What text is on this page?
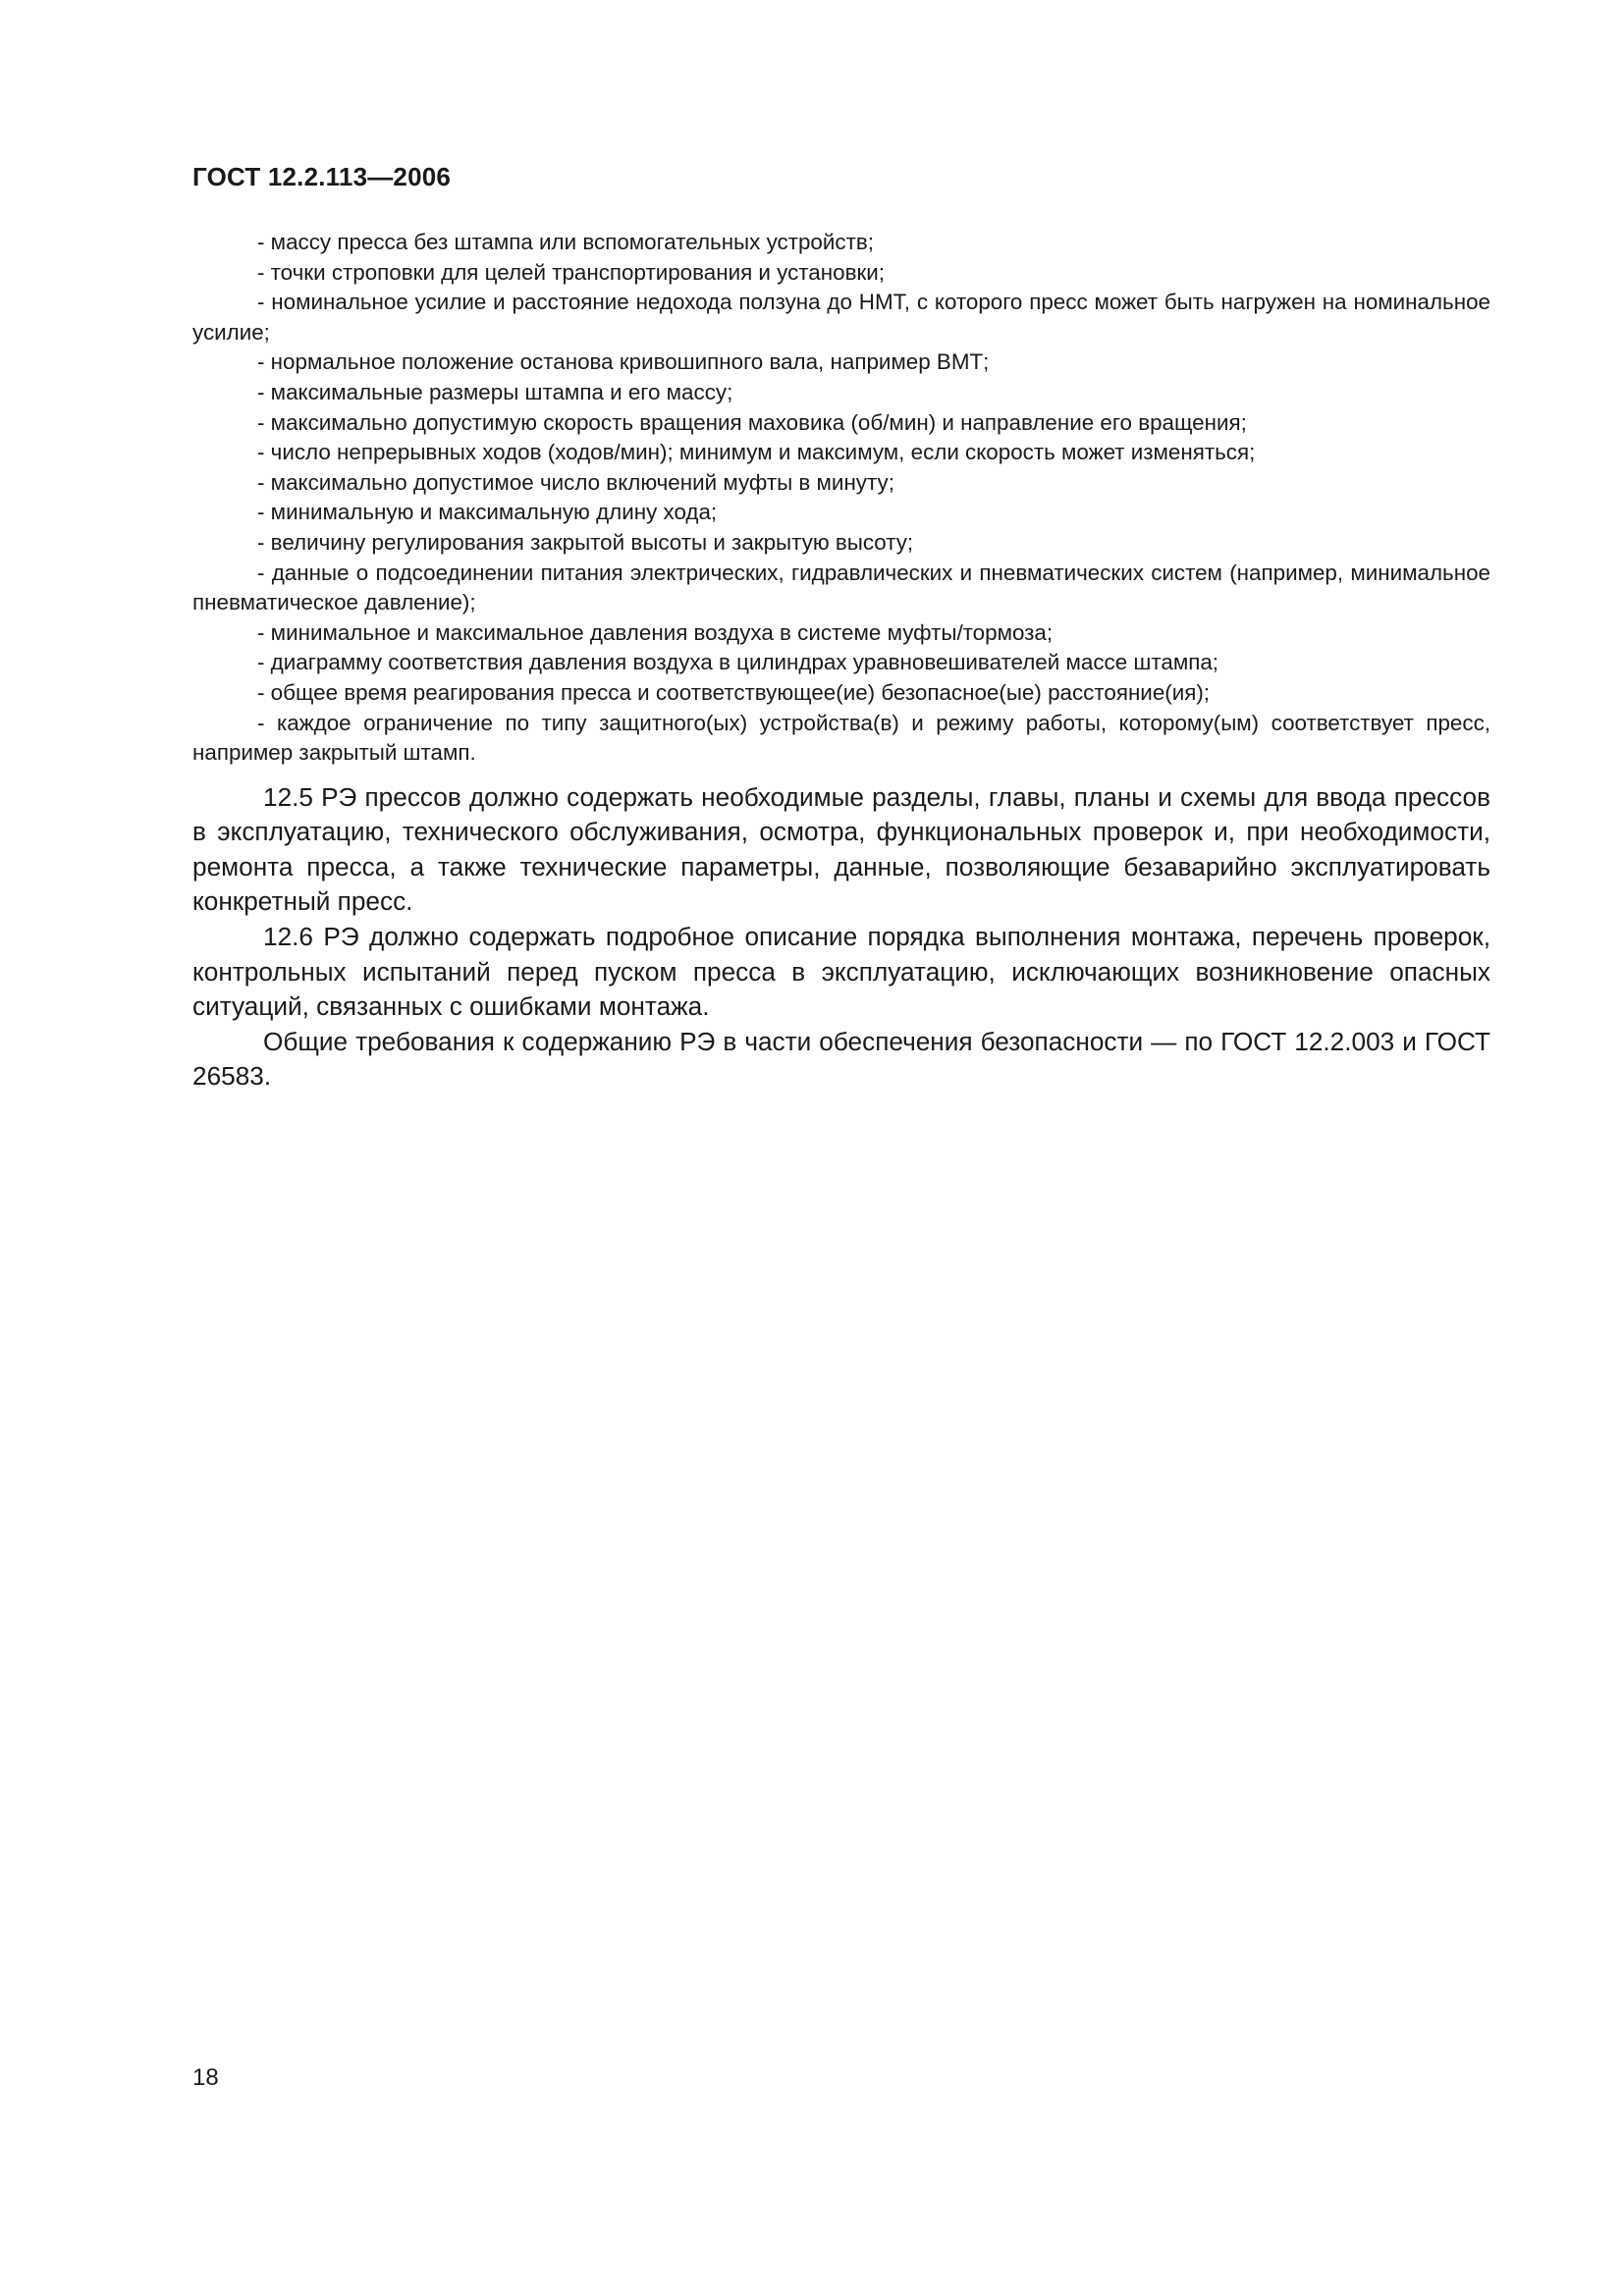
ГОСТ 12.2.113—2006
- массу пресса без штампа или вспомогательных устройств;
- точки строповки для целей транспортирования и установки;
- номинальное усилие и расстояние недохода ползуна до НМТ, с которого пресс может быть нагружен на номинальное усилие;
- нормальное положение останова кривошипного вала, например ВМТ;
- максимальные размеры штампа и его массу;
- максимально допустимую скорость вращения маховика (об/мин) и направление его вращения;
- число непрерывных ходов (ходов/мин); минимум и максимум, если скорость может изменяться;
- максимально допустимое число включений муфты в минуту;
- минимальную и максимальную длину хода;
- величину регулирования закрытой высоты и закрытую высоту;
- данные о подсоединении питания электрических, гидравлических и пневматических систем (например, минимальное пневматическое давление);
- минимальное и максимальное давления воздуха в системе муфты/тормоза;
- диаграмму соответствия давления воздуха в цилиндрах уравновешивателей массе штампа;
- общее время реагирования пресса и соответствующее(ие) безопасное(ые) расстояние(ия);
- каждое ограничение по типу защитного(ых) устройства(в) и режиму работы, которому(ым) соответствует пресс, например закрытый штамп.

12.5 РЭ прессов должно содержать необходимые разделы, главы, планы и схемы для ввода прессов в эксплуатацию, технического обслуживания, осмотра, функциональных проверок и, при необходимости, ремонта пресса, а также технические параметры, данные, позволяющие безаварийно эксплуатировать конкретный пресс.

12.6 РЭ должно содержать подробное описание порядка выполнения монтажа, перечень проверок, контрольных испытаний перед пуском пресса в эксплуатацию, исключающих возникновение опасных ситуаций, связанных с ошибками монтажа.

Общие требования к содержанию РЭ в части обеспечения безопасности — по ГОСТ 12.2.003 и ГОСТ 26583.

18
